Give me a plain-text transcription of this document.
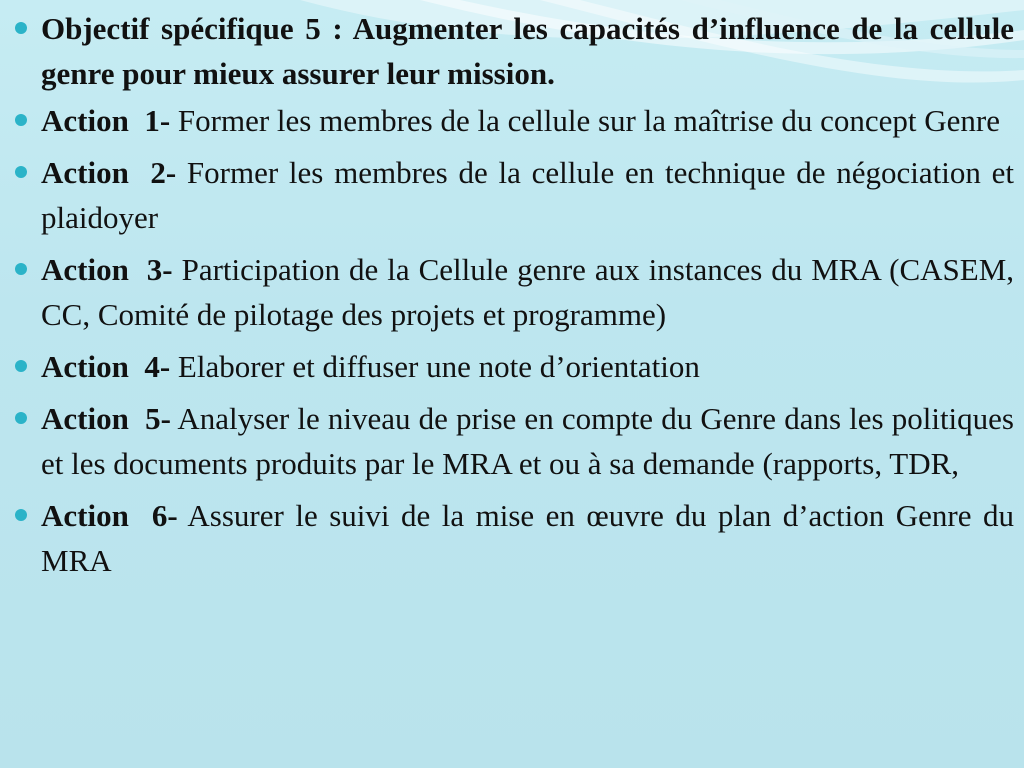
Objectif spécifique 5 : Augmenter les capacités d’influence de la cellule genre pour mieux assurer leur mission.
Action 1- Former les membres de la cellule sur la maîtrise du concept Genre
Action 2- Former les membres de la cellule en technique de négociation et plaidoyer
Action 3- Participation de la Cellule genre aux instances du MRA (CASEM, CC, Comité de pilotage des projets et programme)
Action 4- Elaborer et diffuser une note d’orientation
Action 5- Analyser le niveau de prise en compte du Genre dans les politiques et les documents produits par le MRA et ou à sa demande (rapports, TDR,
Action 6- Assurer le suivi de la mise en œuvre du plan d’action Genre du MRA
